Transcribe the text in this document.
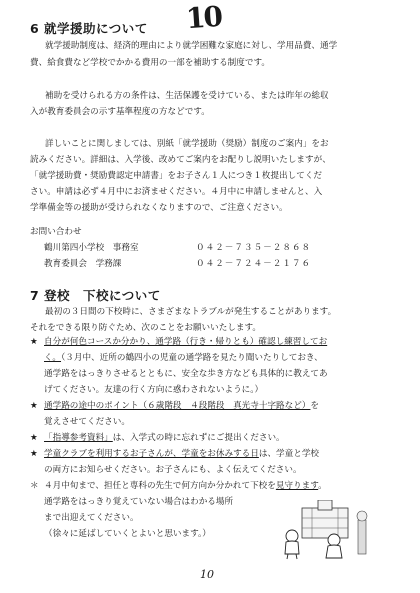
6 就学援助について 10
就学援助制度は、経済的理由により就学困難な家庭に対し、学用品費、通学
費、給食費など学校でかかる費用の一部を補助する制度です。
補助を受けられる方の条件は、生活保護を受けている、または昨年の総収
入が教育委員会の示す基準程度の方などです。
詳しいことに関しましては、別紙「就学援助（奨励）制度のご案内」をお
読みください。詳細は、入学後、改めてご案内をお配りし説明いたしますが、
「就学援助費・奨励費認定申請書」をお子さん１人につき１枚提出してくだ
さい。申請は必ず４月中にお済ませください。４月中に申請しませんと、入
学準備金等の援助が受けられなくなりますので、ご注意ください。
お問い合わせ
鶴川第四小学校　事務室	０４２－７３５－２８６８
教育委員会　学務課	０４２－７２４－２１７６
7 登校　下校について
最初の３日間の下校時に、さまざまなトラブルが発生することがあります。
それをできる限り防ぐため、次のことをお願いいたします。
★ 自分が何色コースか分かり、通学路（行き・帰りとも）確認し練習してお
く。（３月中、近所の鶴四小の児童の通学路を見たり聞いたりしておき、
通学路をはっきりさせるとともに、安全な歩き方なども具体的に教えてあ
げてください。友達の行く方向に惑わされないように。）
★ 通学路の途中のポイント（６歳階段　４段階段　真光寺十字路など）を
覚えさせてください。
★ 「指導参考資料」は、入学式の時に忘れずにご提出ください。
★ 学童クラブを利用するお子さんが、学童をお休みする日は、学童と学校
の両方にお知らせください。お子さんにも、よく伝えてください。
＊ ４月中旬まで、担任と専科の先生で何方向か分かれて下校を見守ります。
通学路をはっきり覚えていない場合はわかる場所
まで出迎えてください。
（徐々に延ばしていくとよいと思います。）
10
